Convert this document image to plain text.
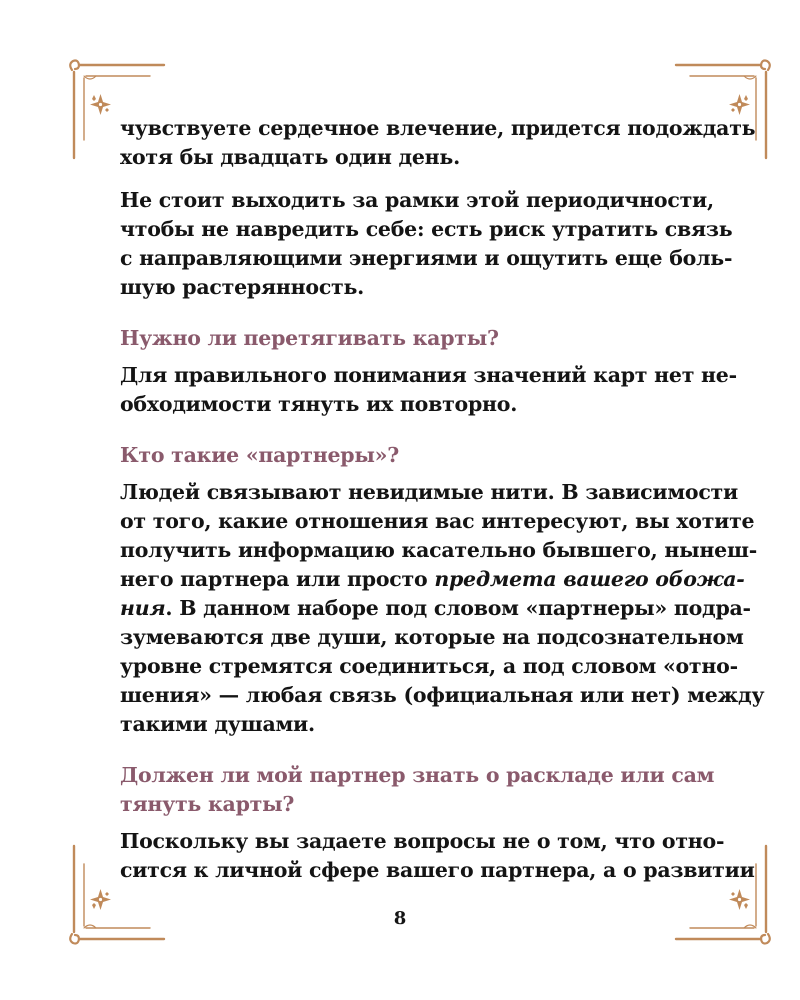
чувствуете сердечное влечение, придется подождать
хотя бы двадцать один день.

Не стоит выходить за рамки этой периодичности,
чтобы не навредить себе: есть риск утратить связь
с направляющими энергиями и ощутить еще боль-
шую растерянность.

Нужно ли перетягивать карты?

Для правильного понимания значений карт нет не-
обходимости тянуть их повторно.

Кто такие «партнеры»?

Людей связывают невидимые нити. В зависимости
от того, какие отношения вас интересуют, вы хотите
получить информацию касательно бывшего, нынеш-
него партнера или просто предмета вашего обожа-
ния. В данном наборе под словом «партнеры» подра-
зумеваются две души, которые на подсознательном
уровне стремятся соединиться, а под словом «отно-
шения» — любая связь (официальная или нет) между
такими душами.

Должен ли мой партнер знать о раскладе или сам
тянуть карты?

Поскольку вы задаете вопросы не о том, что отно-
сится к личной сфере вашего партнера, а о развитии

8
